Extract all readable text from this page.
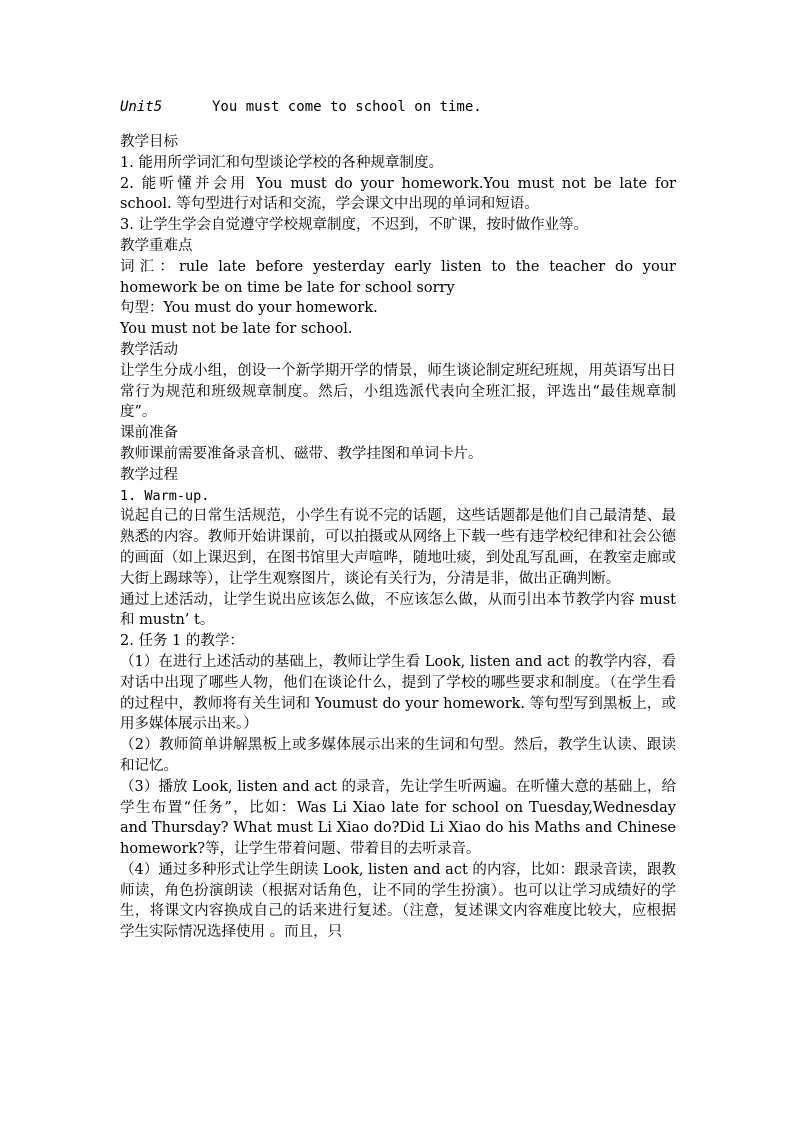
Unit5	You must come to school on time.

教学目标

1. 能用所学词汇和句型谈论学校的各种规章制度。

2. 能听懂并会用 You must do your homework.You must not be late for school. 等句型进行对话和交流，学会课文中出现的单词和短语。

3. 让学生学会自觉遵守学校规章制度，不迟到，不旷课，按时做作业等。

教学重难点

词汇：rule late before yesterday early listen to the teacher do your homework be on time be late for school sorry

句型：You must do your homework.

You must not be late for school.

教学活动

让学生分成小组，创设一个新学期开学的情景，师生谈论制定班纪班规，用英语写出日常行为规范和班级规章制度。然后，小组选派代表向全班汇报，评选出“最佳规章制度”。

课前准备

教师课前需要准备录音机、磁带、教学挂图和单词卡片。

教学过程

1. Warm-up.

说起自己的日常生活规范，小学生有说不完的话题，这些话题都是他们自己最清楚、最熟悉的内容。教师开始讲课前，可以拍摄或从网络上下载一些有违学校纪律和社会公德的画面（如上课迟到，在图书馆里大声喧哗，随地吐痰，到处乱写乱画，在教室走廊或大街上踢球等），让学生观察图片，谈论有关行为，分清是非，做出正确判断。

通过上述活动，让学生说出应该怎么做，不应该怎么做，从而引出本节教学内容 must 和 mustn’ t。

2. 任务 1 的教学：

（1）在进行上述活动的基础上，教师让学生看 Look, listen and act 的教学内容，看对话中出现了哪些人物，他们在谈论什么，提到了学校的哪些要求和制度。（在学生看的过程中，教师将有关生词和 Youmust do your homework. 等句型写到黑板上，或用多媒体展示出来。）

（2）教师简单讲解黑板上或多媒体展示出来的生词和句型。然后，教学生认读、跟读和记忆。

（3）播放 Look, listen and act 的录音，先让学生听两遍。在听懂大意的基础上，给学生布置“任务”，比如：Was Li Xiao late for school on Tuesday,Wednesday and Thursday? What must Li Xiao do?Did Li Xiao do his Maths and Chinese homework?等，让学生带着问题、带着目的去听录音。

（4）通过多种形式让学生朗读 Look, listen and act 的内容，比如：跟录音读，跟教师读，角色扮演朗读（根据对话角色，让不同的学生扮演）。也可以让学习成绩好的学生，将课文内容换成自己的话来进行复述。（注意，复述课文内容难度比较大，应根据学生实际情况选择使用 。而且，只
